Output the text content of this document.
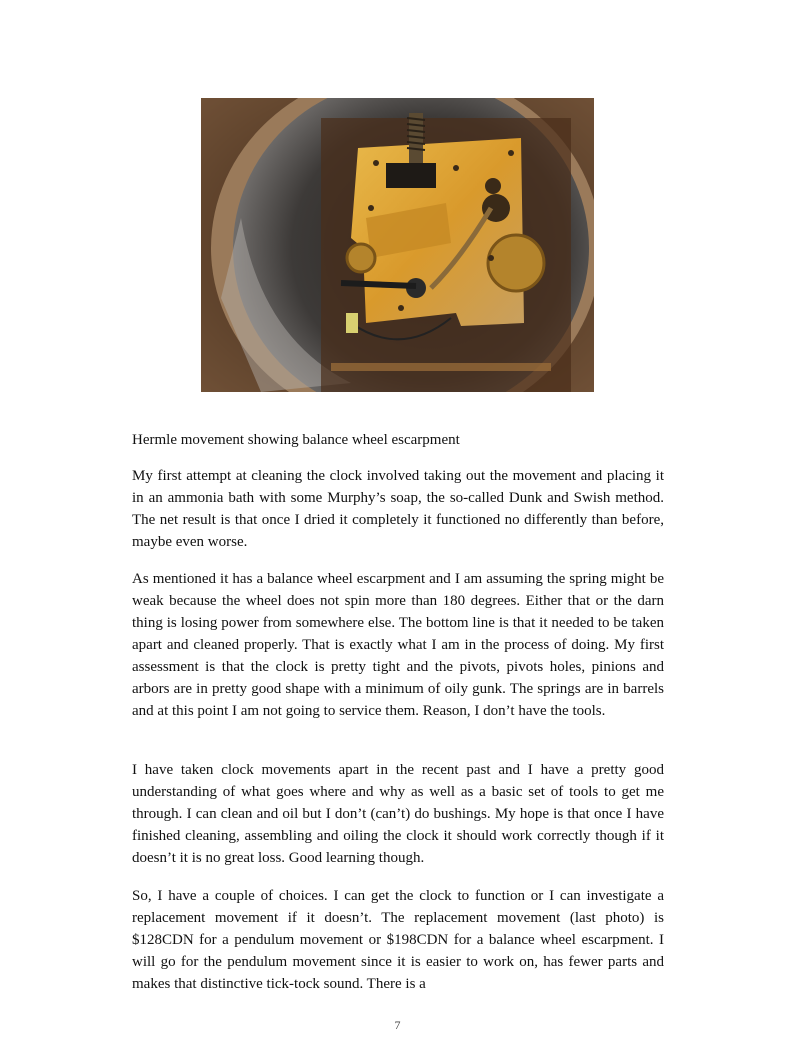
Hermle movement showing balance wheel escarpment

My first attempt at cleaning the clock involved taking out the movement and placing it in an ammonia bath with some Murphy’s soap, the so-called Dunk and Swish method. The net result is that once I dried it completely it functioned no differently than before, maybe even worse.

As mentioned it has a balance wheel escarpment and I am assuming the spring might be weak because the wheel does not spin more than 180 degrees. Either that or the darn thing is losing power from somewhere else. The bottom line is that it needed to be taken apart and cleaned properly. That is exactly what I am in the process of doing. My first assessment is that the clock is pretty tight and the pivots, pivots holes, pinions and arbors are in pretty good shape with a minimum of oily gunk. The springs are in barrels and at this point I am not going to service them. Reason, I don’t have the tools.

I have taken clock movements apart in the recent past and I have a pretty good understanding of what goes where and why as well as a basic set of tools to get me through. I can clean and oil but I don’t (can’t) do bushings. My hope is that once I have finished cleaning, assembling and oiling the clock it should work correctly though if it doesn’t it is no great loss. Good learning though.

So, I have a couple of choices. I can get the clock to function or I can investigate a replacement movement if it doesn’t. The replacement movement (last photo) is $128CDN for a pendulum movement or $198CDN for a balance wheel escarpment. I will go for the pendulum movement since it is easier to work on, has fewer parts and makes that distinctive tick-tock sound. There is a

7
